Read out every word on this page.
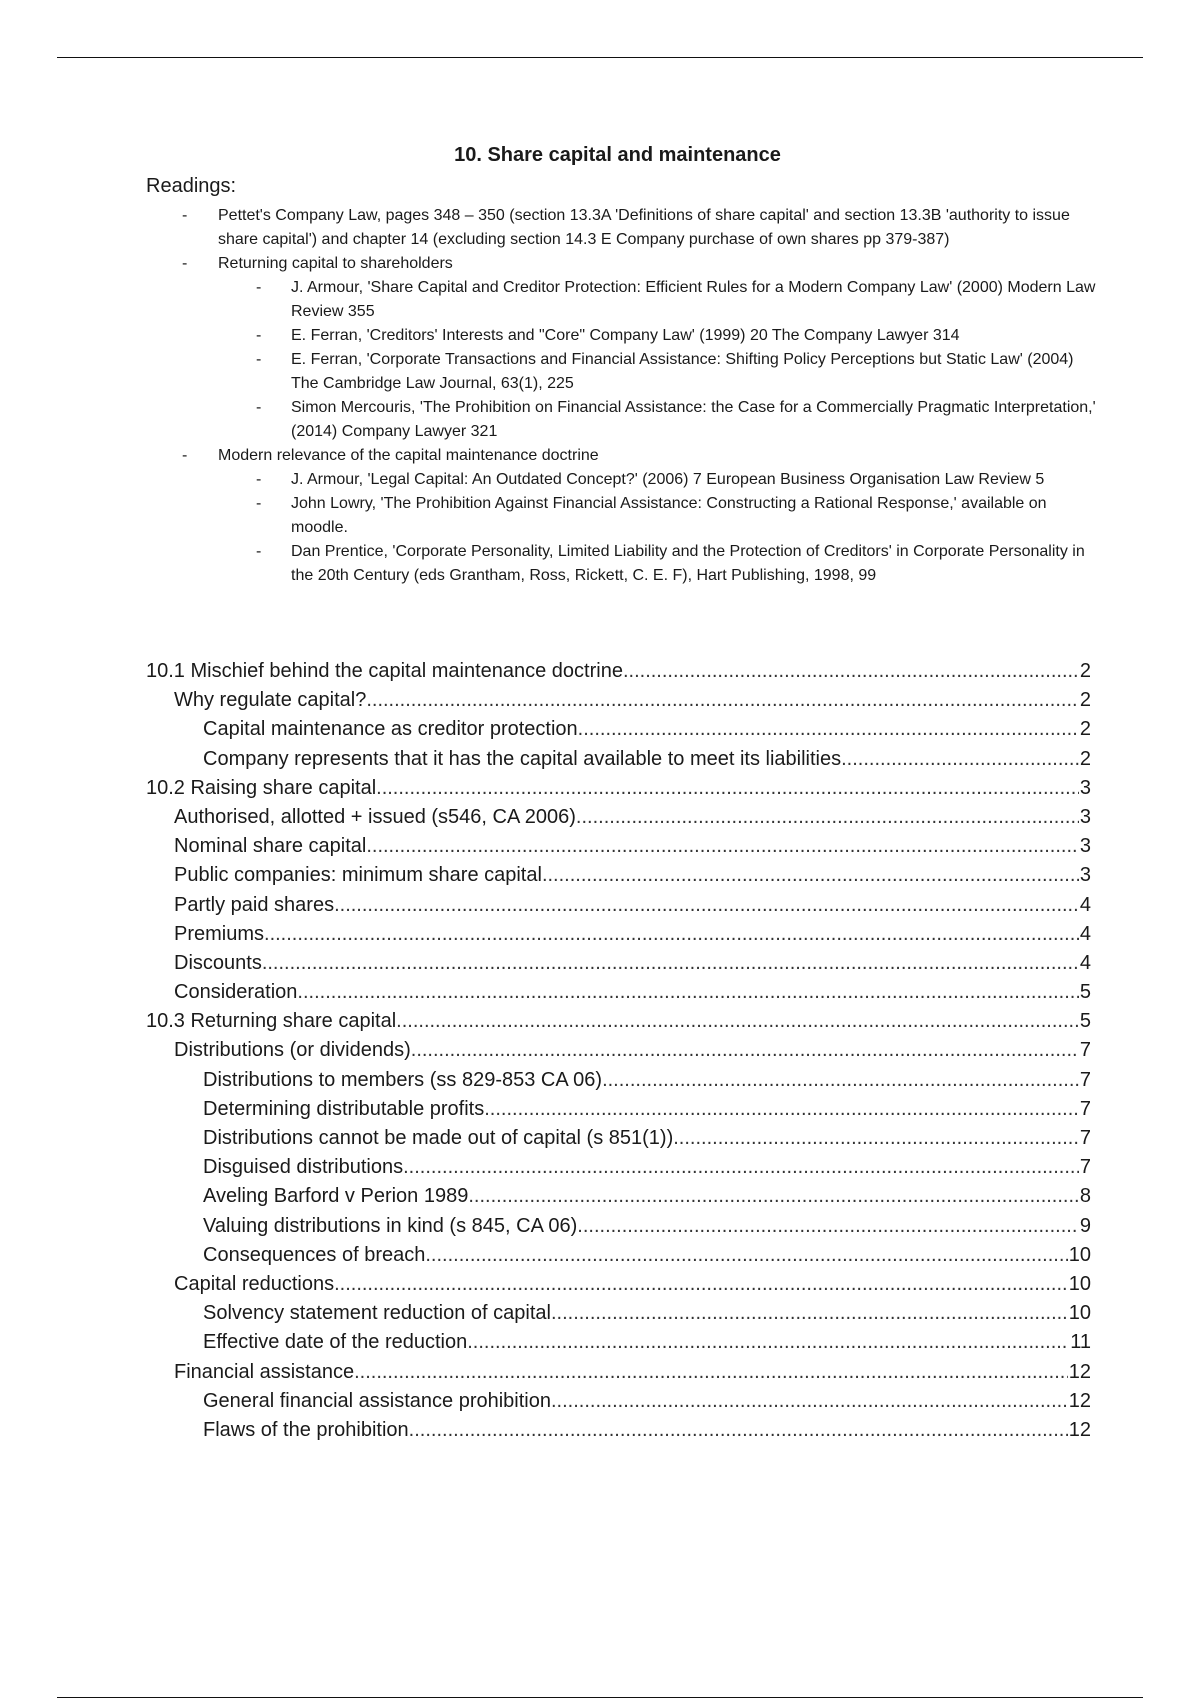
10. Share capital and maintenance

Readings:

- Pettet's Company Law, pages 348 – 350 (section 13.3A 'Definitions of share capital' and section 13.3B 'authority to issue share capital') and chapter 14 (excluding section 14.3 E Company purchase of own shares pp 379-387)
- Returning capital to shareholders
- J. Armour, 'Share Capital and Creditor Protection: Efficient Rules for a Modern Company Law' (2000) Modern Law Review 355
- E. Ferran, 'Creditors' Interests and "Core" Company Law' (1999) 20 The Company Lawyer 314
- E. Ferran, 'Corporate Transactions and Financial Assistance: Shifting Policy Perceptions but Static Law' (2004) The Cambridge Law Journal, 63(1), 225
- Simon Mercouris, 'The Prohibition on Financial Assistance: the Case for a Commercially Pragmatic Interpretation,' (2014) Company Lawyer 321
- Modern relevance of the capital maintenance doctrine
- J. Armour, 'Legal Capital: An Outdated Concept?' (2006) 7 European Business Organisation Law Review 5
- John Lowry, 'The Prohibition Against Financial Assistance: Constructing a Rational Response,' available on moodle.
- Dan Prentice, 'Corporate Personality, Limited Liability and the Protection of Creditors' in Corporate Personality in the 20th Century (eds Grantham, Ross, Rickett, C. E. F), Hart Publishing, 1998, 99
10.1 Mischief behind the capital maintenance doctrine .....	2
Why regulate capital? .....	2
Capital maintenance as creditor protection .....	2
Company represents that it has the capital available to meet its liabilities .....	2
10.2 Raising share capital .....	3
Authorised, allotted + issued (s546, CA 2006) .....	3
Nominal share capital .....	3
Public companies: minimum share capital .....	3
Partly paid shares .....	4
Premiums .....	4
Discounts .....	4
Consideration .....	5
10.3 Returning share capital .....	5
Distributions (or dividends) .....	7
Distributions to members (ss 829-853 CA 06) .....	7
Determining distributable profits .....	7
Distributions cannot be made out of capital (s 851(1)) .....	7
Disguised distributions .....	7
Aveling Barford v Perion 1989 .....	8
Valuing distributions in kind (s 845, CA 06) .....	9
Consequences of breach .....	10
Capital reductions .....	10
Solvency statement reduction of capital .....	10
Effective date of the reduction .....	11
Financial assistance .....	12
General financial assistance prohibition .....	12
Flaws of the prohibition .....	12
